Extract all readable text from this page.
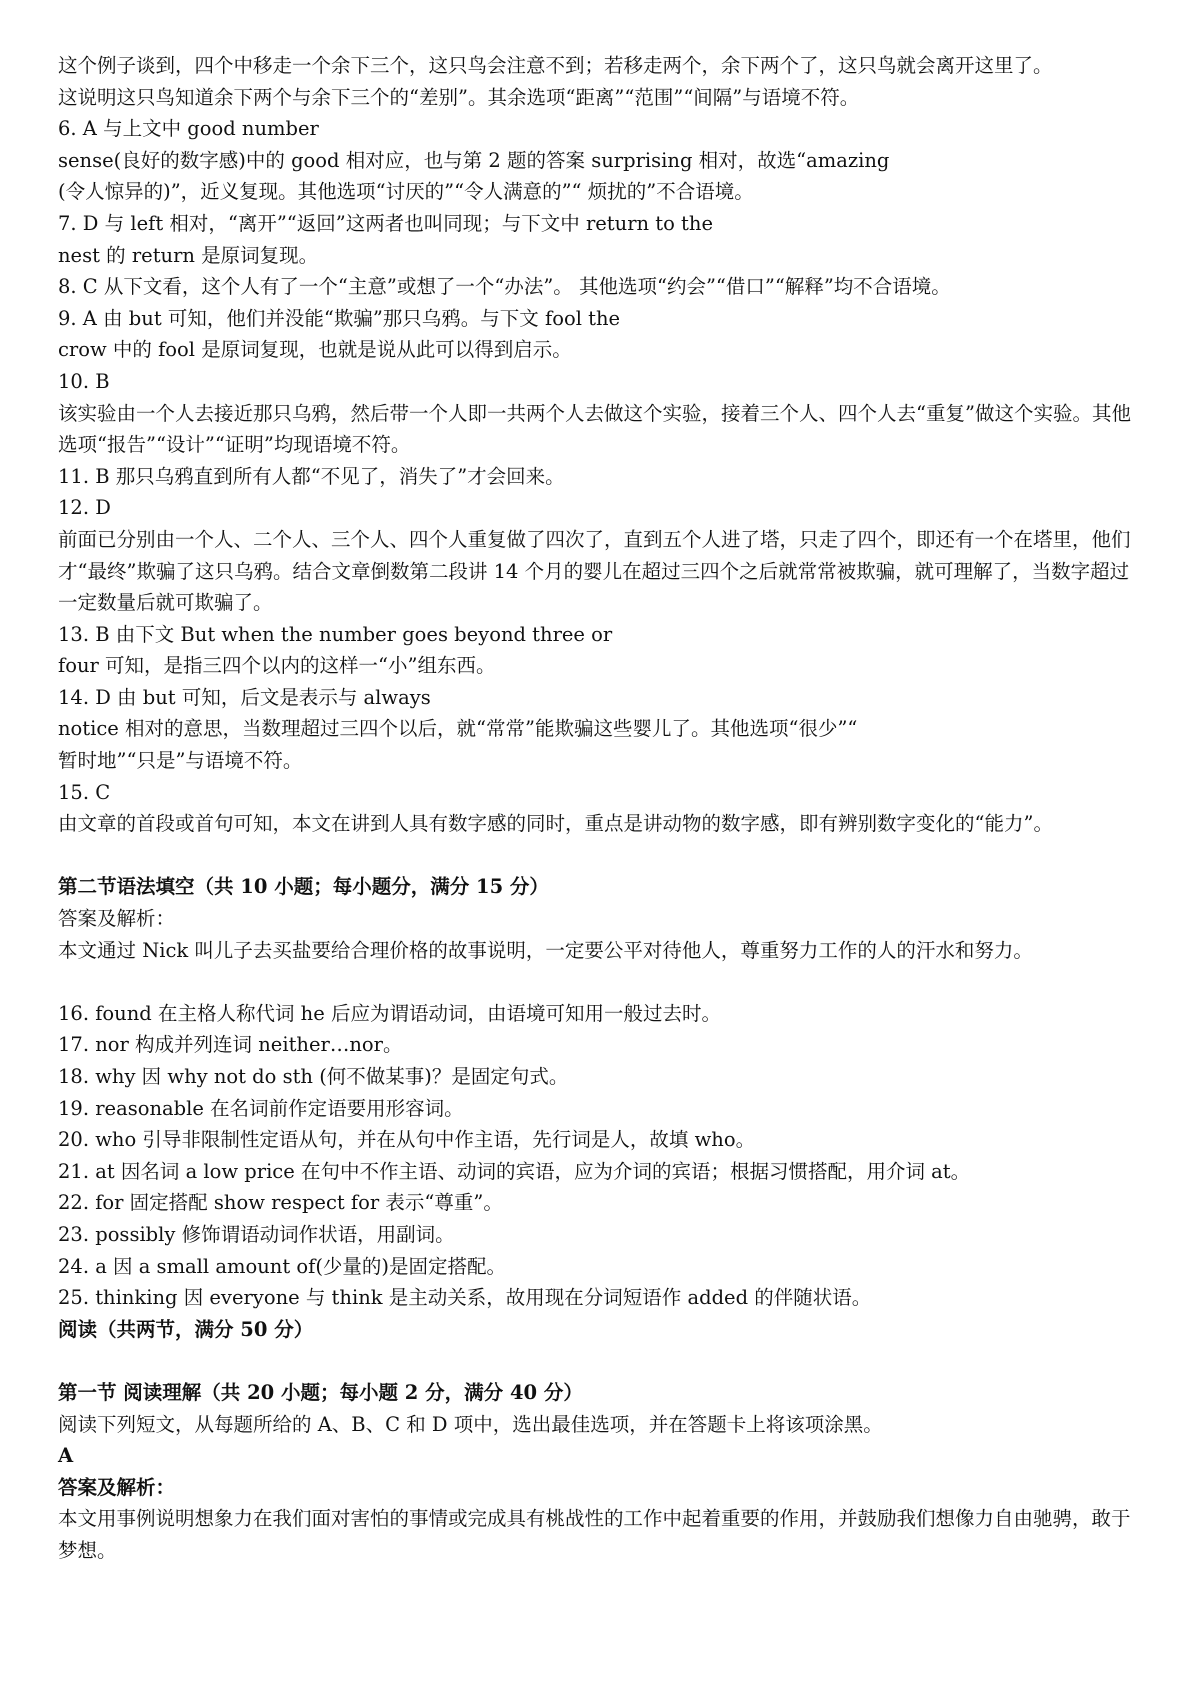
这个例子谈到，四个中移走一个余下三个，这只鸟会注意不到；若移走两个，余下两个了，这只鸟就会离开这里了。
这说明这只鸟知道余下两个与余下三个的“差别”。其余选项“距离”“范围”“间隔”与语境不符。
6. A 与上文中 good number
sense(良好的数字感)中的 good 相对应，也与第 2 题的答案 surprising 相对，故选“amazing
(令人惊异的)”，近义复现。其他选项“讨厌的”“令人满意的”“ 烦扰的”不合语境。
7. D 与 left 相对，“离开”“返回”这两者也叫同现；与下文中 return to the
nest 的 return 是原词复现。
8. C 从下文看，这个人有了一个“主意”或想了一个“办法”。 其他选项“约会”“借口”“解释”均不合语境。
9. A 由 but 可知，他们并没能“欺骗”那只乌鸦。与下文 fool the
crow 中的 fool 是原词复现，也就是说从此可以得到启示。
10. B
该实验由一个人去接近那只乌鸦，然后带一个人即一共两个人去做这个实验，接着三个人、四个人去“重复”做这个实验。其他选项“报告”“设计”“证明”均现语境不符。
11. B 那只乌鸦直到所有人都“不见了，消失了”才会回来。
12. D
前面已分别由一个人、二个人、三个人、四个人重复做了四次了，直到五个人进了塔，只走了四个，即还有一个在塔里，他们才“最终”欺骗了这只乌鸦。结合文章倒数第二段讲 14 个月的婴儿在超过三四个之后就常常被欺骗，就可理解了，当数字超过一定数量后就可欺骗了。
13. B 由下文 But when the number goes beyond three or
four 可知，是指三四个以内的这样一“小”组东西。
14. D 由 but 可知，后文是表示与 always
notice 相对的意思，当数理超过三四个以后，就“常常”能欺骗这些婴儿了。其他选项“很少”“
暂时地”“只是”与语境不符。
15. C
由文章的首段或首句可知，本文在讲到人具有数字感的同时，重点是讲动物的数字感，即有辨别数字变化的“能力”。
第二节语法填空（共 10 小题；每小题分，满分 15 分）
答案及解析：
本文通过 Nick 叫儿子去买盐要给合理价格的故事说明，一定要公平对待他人，尊重努力工作的人的汗水和努力。
16. found 在主格人称代词 he 后应为谓语动词，由语境可知用一般过去时。
17. nor 构成并列连词 neither…nor。
18. why 因 why not do sth (何不做某事)？是固定句式。
19. reasonable 在名词前作定语要用形容词。
20. who 引导非限制性定语从句，并在从句中作主语，先行词是人，故填 who。
21. at 因名词 a low price 在句中不作主语、动词的宾语，应为介词的宾语；根据习惯搭配，用介词 at。
22. for 固定搭配 show respect for 表示“尊重”。
23. possibly 修饰谓语动词作状语，用副词。
24. a 因 a small amount of(少量的)是固定搭配。
25. thinking 因 everyone 与 think 是主动关系，故用现在分词短语作 added 的伴随状语。
阅读（共两节，满分 50 分）
第一节 阅读理解（共 20 小题；每小题 2 分，满分 40 分）
阅读下列短文，从每题所给的 A、B、C 和 D 项中，选出最佳选项，并在答题卡上将该项涂黑。
A
答案及解析：
本文用事例说明想象力在我们面对害怕的事情或完成具有桃战性的工作中起着重要的作用，并鼓励我们想像力自由驰骋，敢于梦想。
